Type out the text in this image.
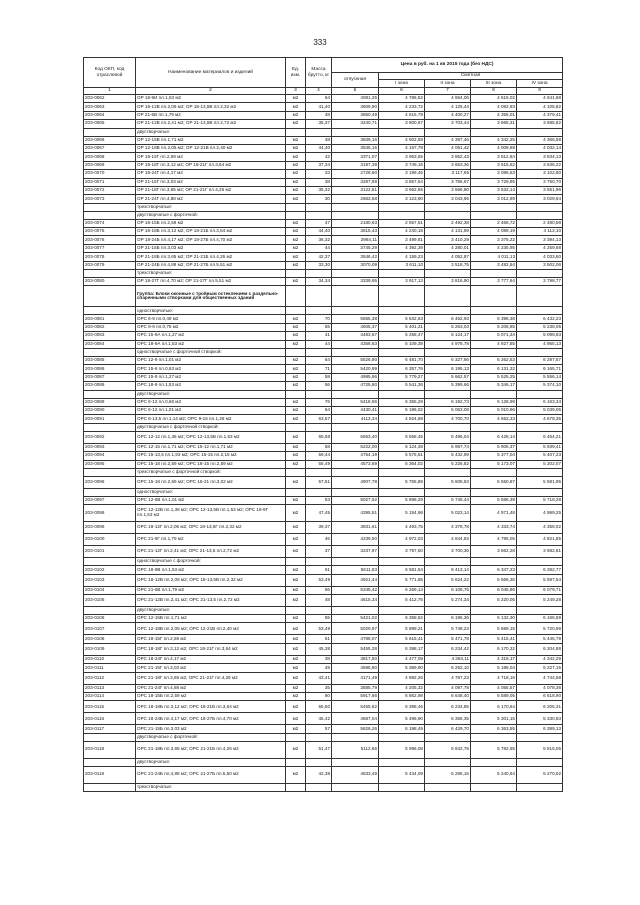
333
Код ОКП, код отраслевой	Наименование материалов и изделий	Ед. изм.	Масса брутто, кг	Цена в руб. на 1 кв 2015 года (без НДС)				
				отпускная	Сметная			
					I зона	II зона	III зона	IV зона
1	2	3	4	5	6	7	8	9
203-0062	ОР 18-9И пл.1,53 м2	м2	64	4081,25	4 786,52	4 664,06	4 615,02	4 641,68
203-0063	ОР 18-12В пл.2,06 м2; ОР 18-13,5В пл.2,32 м2	м2	41,40	3609,90	4 233,72	4 125,44	4 082,93	4 105,82
203-0064	ОР 21-6В пл.1,79 м2	м2	48	3850,49	4 515,79	4 400,27	4 355,01	4 379,41
203-0065	ОР 21-12В пл.2,41 м2; ОР 21-13,5В пл.2,72 м2	м2	35,37	3240,71	3 800,67	3 703,44	3 665,31	3 685,82
	двустворчатые:							
203-0066	ОР 12-15В пл.1,71 м2	м2	48	3839,16	4 502,59	4 387,46	4 342,25	4 366,58
203-0067	ОР 12-18В пл.2,05 м2; ОР 12-21В пл.2,40 м2	м2	44,40	3545,15	4 157,78	4 051,42	4 009,69	4 032,14
203-0068	ОР 18-15Г пл.2,59 м2	м2	42	3371,07	3 953,55	3 852,43	3 812,84	3 834,13
203-0069	ОР 18-18Г пл.3,12 м2; ОР 18-21Г пл.3,64 м2	м2	37,34	3197,39	3 749,16	3 653,36	3 615,62	3 636,22
203-0070	ОР 18-24Г пл.4,17 м2	м2	33	2728,60	3 199,45	3 117,65	3 085,53	3 102,80
203-0071	ОР 21-15Г пл.3,03 м2	м2	38	3287,69	3 857,54	3 756,67	3 729,85	3 750,70
203-0072	ОР 21-18Г пл.3,65 м2; ОР 21-21Г пл.4,26 м2	м2	35,32	3122,51	3 662,55	3 566,80	3 532,14	3 551,96
203-0073	ОР 21-24Г пл.4,88 м2	м2	30	2663,58	3 123,90	3 043,95	3 012,89	3 029,54
	трехстворчатые:							
	двустворчатые с форточкой:							
203-0074	ОР 18-15Б пл.2,59 м2	м2	47	2180,63	2 557,61	2 492,38	2 466,72	2 480,58
203-0075	ОР 18-18Б пл.3,12 м2; ОР 18-21Б пл.3,64 м2	м2	44,40	3615,43	4 240,18	4 131,69	4 089,19	4 112,10
203-0076	ОР 18-24Б пл.4,17 м2; ОР 18-27Б пл.4,70 м2	м2	36,32	2984,11	3 499,81	3 410,29	3 375,22	3 394,13
203-0077	ОР 21-15Б пл.3,03 м2	м2	44	3745,29	4 392,39	4 280,01	4 235,95	4 259,68
203-0078	ОР 21-18Б пл.3,65 м2; ОР 21-21Б пл.4,26 м2	м2	42,37	3546,42	4 159,23	4 052,87	4 011,13	4 033,60
203-0079	ОР 21-24Б пл.4,88 м2; ОР 21-27Б пл.5,51 м2	м2	33,30	3070,09	3 611,10	3 518,75	3 482,54	3 502,06
	трехстворчатые:							
203-0080	ОР 18-27Г пл.4,70 м2; ОР 21-27Г пл.5,51 м2	м2	34,34	3339,95	3 917,13	3 816,90	3 777,64	3 798,77
	Группа: Блоки оконные с тройным остеклением с раздельно-спаренными створками для общественных зданий							
	одностворчатые:							
203-0081	ОРС 6-9 пл.0,49 м2	м2	70	5655,38	6 632,63	6 462,93	6 396,38	6 432,23
203-0082	ОРС 9-9 пл.0,75 м2	м2	55	4605,37	5 401,21	5 263,03	5 208,85	5 238,05
203-0083	ОРС 15-9А пл.1,27 м2	м2	41	4483,67	5 258,47	5 124,17	5 071,34	5 099,83
203-0084	ОРС 18-9А пл.1,53 м2	м2	44	4356,63	5 109,38	4 978,78	4 927,55	4 955,13
	одностворчатые с форточной створкой:							
203-0085	ОРС 12-9 пл.1,01 м2	м2	64	5526,90	6 481,70	6 327,66	6 262,53	6 297,57
203-0086	ОРС 15-6 пл.0,63 м2	м2	71	5420,99	6 357,76	6 195,13	6 131,32	6 165,71
203-0087	ОРС 15-9 пл.1,27 м2	м2	58	4985,96	5 779,27	5 662,57	5 525,25	5 556,14
203-0088	ОРС 18-9 пл.1,53 м2	м2	56	4725,80	5 541,36	5 399,66	5 346,17	5 374,10
	двустворчатые:							
203-0089	ОРС 6-12 пл.0,66 м2	м2	76	5418,96	6 355,29	6 192,73	6 128,99	6 163,34
203-0090	ОРС 6-12 пл.1,01 м2	м2	64	4430,41	5 196,02	5 063,08	5 010,96	5 039,05
203-0091	ОРС 6-13,5 пл.1,14 м2; ОРС 9-15 пл.1,26 м2	м2	63,57	4113,34	4 824,68	4 700,70	4 652,33	4 678,35
	двустворчатые с форточной створкой:							
203-0092	ОРС 12-12 пл.1,36 м2; ОРС 12-13,5В пл.1,53 м2	м2	65,58	5653,40	6 658,45	6 495,04	6 428,14	6 464,21
203-0093	ОРС 12-15 пл.1,71 м2; ОРС 15-12 пл.1,71 м2	м2	58	5222,00	6 124,38	5 967,74	5 906,37	5 939,41
203-0094	ОРС 15-13,5 пл.1,93 м2; ОРС 15-15 пл.2,15 м2	м2	59,44	4754,19	5 575,61	5 432,99	5 377,04	5 407,23
203-0095	ОРС 15-18 пл.2,59 м2; ОРС 18-15 пл.2,59 м2	м2	55,49	4573,69	5 364,02	5 226,82	5 173,07	5 202,07
	трехстворчатые с форточной створкой:							
203-0096	ОРС 15-18 пл.2,59 м2; ОРС 15-21 пл.3,02 м2	м2	57,51	4907,78	5 755,89	5 608,63	5 550,87	5 581,95
	одностворчатые:							
203-0097	ОРС 12-6В пл.1,01 м2	м2	53	5027,52	5 896,29	5 745,44	5 686,39	5 718,28
203-0098	ОРС 12-12В пл.1,36 м2; ОРС 12-13,5В пл.1,53 м2; ОРС 18-9Г пл.1,53 м2	м2	47,45	4395,51	5 154,96	5 023,14	4 971,48	4 999,25
203-0099	ОРС 18-12Г пл.2,06 м2; ОРС 18-13,5Г пл.2,32 м2	м2	39,37	3831,61	4 493,75	4 378,78	4 333,74	4 358,02
203-0100	ОРС 21-6Г пл.1,79 м2	м2	46	4239,50	4 972,03	4 844,83	4 795,05	4 821,85
203-0101	ОРС 21-12Г пл.2,41 м2; ОРС 21-13,5 пл.2,72 м2	м2	37	3237,97	3 797,50	3 700,36	3 662,28	3 682,81
	одностворчатые с форточкой:							
203-0102	ОРС 18-9В пл.1,53 м2	м2	61	5611,83	6 581,54	6 413,14	6 347,23	6 382,77
203-0103	ОРС 18-12В пл.2,06 м2; ОРС 18-13,5В пл.2,32 м2	м2	53,49	4921,44	5 771,85	5 624,22	5 566,36	5 597,54
203-0104	ОРС 21-6В пл.1,79 м2	м2	56	5345,42	6 269,14	6 108,75	6 045,86	6 079,71
203-0105	ОРС 21-12В пл.2,41 м2; ОРС 21-13,5 пл.2,72 м2	м2	48	4615,34	5 412,76	5 274,34	5 220,05	5 249,28
	двустворчатые:							
203-0106	ОРС 12-15В пл.1,71 м2	м2	55	5421,02	6 358,62	6 195,36	6 132,30	6 166,59
203-0107	ОРС 12-18В пл.2,05 м2; ОРС 12-21В пл.2,40 м2	м2	53,49	5029,97	5 899,21	5 748,23	5 689,15	5 720,99
203-0108	ОРС 18-15Г пл.2,59 м2	м2	51	4788,07	5 615,41	5 471,78	5 415,41	5 445,79
203-0109	ОРС 18-18Г пл.3,12 м2; ОРС 18-21Г пл.3,64 м2	м2	45,38	5455,28	6 398,17	6 234,42	6 170,32	6 204,88
203-0110	ОРС 18-24Г пл.4,17 м2	м2	38	3817,50	4 477,09	4 363,11	4 318,17	4 342,29
203-0111	ОРС 21-15Г пл.3,03 м2	м2	49	4595,80	5 389,90	5 252,10	5 198,04	5 227,15
203-0112	ОРС 21-18Г пл.3,65 м2; ОРС 21-21Г пл.4,26 м2	м2	43,41	4171,49	4 892,26	4 767,23	4 718,16	4 744,58
203-0113	ОРС 21-24Г пл.4,88 м2	м2	35	3585,79	4 205,32	4 097,78	4 055,57	4 078,36
203-0114	ОРС 18-15Б пл.2,59 м2	м2	60	5917,66	6 862,98	6 648,40	6 589,05	6 618,90
203-0115	ОРС 18-18Б пл.3,12 м2; ОРС 18-21Б пл.3,64 м2	м2	55,50	5455,62	6 398,46	6 234,85	6 170,64	6 205,31
203-0116	ОРС 18-24Б пл.4,17 м2; ОРС 18-27Б пл.4,70 м2	м2	45,42	4687,04	5 496,90	5 356,35	5 301,15	5 330,83
203-0117	ОРС 21-15Б пл.3,03 м2	м2	57	5626,26	6 198,49	6 429,70	6 363,55	6 399,13
	двустворчатые с форточкой:							
203-0118	ОРС 21-18Б пл.3,65 м2; ОРС 21-21Б пл.4,26 м2	м2	51,47	5112,66	5 996,08	5 842,76	5 782,55	5 815,05
	двустворчатые:							
203-0119	ОРС 21-24Б пл.4,88 м2; ОРС 21-27Б пл.5,50 м2	м2	42,38	4633,49	5 434,09	5 295,16	5 240,64	5 270,02
	трехстворчатые:							
